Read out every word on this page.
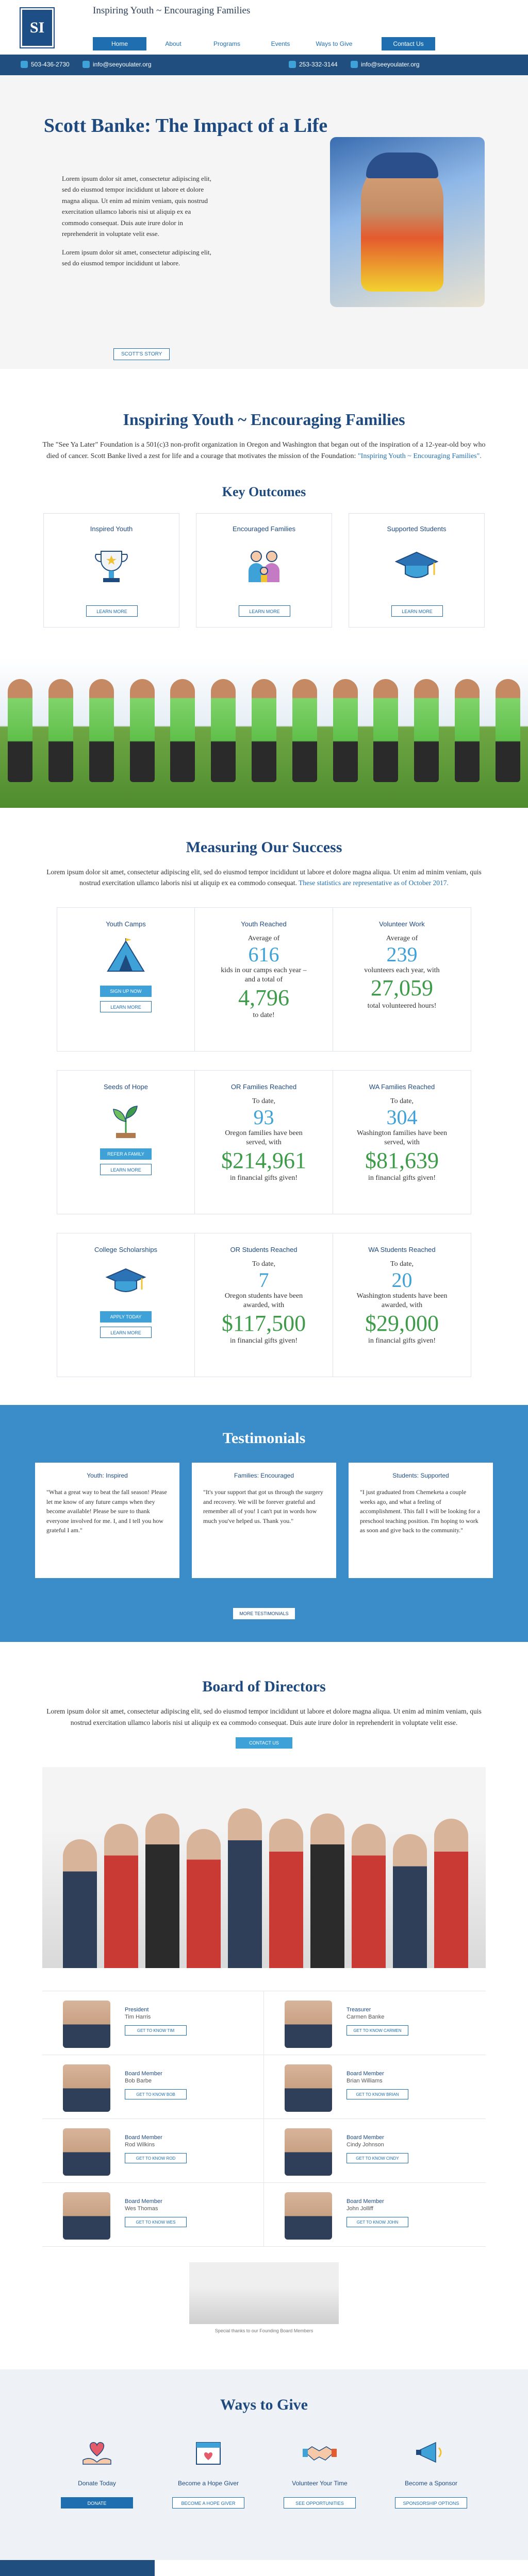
SI
Inspiring Youth ~ Encouraging Families
Home	About	Programs	Events	Ways to Give	Contact Us
503-436-2730	info@seeyoulater.org	253-332-3144	info@seeyoulater.org
Scott Banke: The Impact of a Life

Lorem ipsum dolor sit amet, consectetur adipiscing elit, sed do eiusmod tempor incididunt ut labore et dolore magna aliqua. Ut enim ad minim veniam, quis nostrud exercitation ullamco laboris nisi ut aliquip ex ea commodo consequat. Duis aute irure dolor in reprehenderit in voluptate velit esse.

Lorem ipsum dolor sit amet, consectetur adipiscing elit, sed do eiusmod tempor incididunt ut labore.

SCOTT'S STORY
Inspiring Youth ~ Encouraging Families

The "See Ya Later" Foundation is a 501(c)3 non-profit organization in Oregon and Washington that began out of the inspiration of a 12-year-old boy who died of cancer. Scott Banke lived a zest for life and a courage that motivates the mission of the Foundation: "Inspiring Youth ~ Encouraging Families".

Key Outcomes
Inspired Youth
LEARN MORE
Encouraged Families
LEARN MORE
Supported Students
LEARN MORE
Measuring Our Success

Lorem ipsum dolor sit amet, consectetur adipiscing elit, sed do eiusmod tempor incididunt ut labore et dolore magna aliqua. Ut enim ad minim veniam, quis nostrud exercitation ullamco laboris nisi ut aliquip ex ea commodo consequat. These statistics are representative as of October 2017.

Youth Camps
SIGN UP NOW
LEARN MORE
Youth Reached
Average of
616
kids in our camps each year – and a total of
4,796
to date!
Volunteer Work
Average of
239
volunteers each year, with
27,059
total volunteered hours!
Seeds of Hope
REFER A FAMILY
LEARN MORE
OR Families Reached
To date,
93
Oregon families have been served, with
$214,961
in financial gifts given!
WA Families Reached
To date,
304
Washington families have been served, with
$81,639
in financial gifts given!
College Scholarships
APPLY TODAY
LEARN MORE
OR Students Reached
To date,
7
Oregon students have been awarded, with
$117,500
in financial gifts given!
WA Students Reached
To date,
20
Washington students have been awarded, with
$29,000
in financial gifts given!
Testimonials
Youth: Inspired
"What a great way to beat the fall season! Please let me know of any future camps when they become available! Please be sure to thank everyone involved for me. I, and I tell you how grateful I am."
Families: Encouraged
"It's your support that got us through the surgery and recovery. We will be forever grateful and remember all of you! I can't put in words how much you've helped us. Thank you."
Students: Supported
"I just graduated from Chemeketa a couple weeks ago, and what a feeling of accomplishment. This fall I will be looking for a preschool teaching position. I'm hoping to work as soon and give back to the community."
MORE TESTIMONIALS
Board of Directors

Lorem ipsum dolor sit amet, consectetur adipiscing elit, sed do eiusmod tempor incididunt ut labore et dolore magna aliqua. Ut enim ad minim veniam, quis nostrud exercitation ullamco laboris nisi ut aliquip ex ea commodo consequat. Duis aute irure dolor in reprehenderit in voluptate velit esse.

CONTACT US
President
Tim Harris
GET TO KNOW TIM
Treasurer
Carmen Banke
GET TO KNOW CARMEN
Board Member
Bob Barbe
GET TO KNOW BOB
Board Member
Brian Williams
GET TO KNOW BRIAN
Board Member
Rod Wilkins
GET TO KNOW ROD
Board Member
Cindy Johnson
GET TO KNOW CINDY
Board Member
Wes Thomas
GET TO KNOW WES
Board Member
John Jolliff
GET TO KNOW JOHN
Special thanks to our Founding Board Members
Ways to Give
Donate Today
DONATE
Become a Hope Giver
BECOME A HOPE GIVER
Volunteer Your Time
SEE OPPORTUNITIES
Become a Sponsor
SPONSORSHIP OPTIONS
